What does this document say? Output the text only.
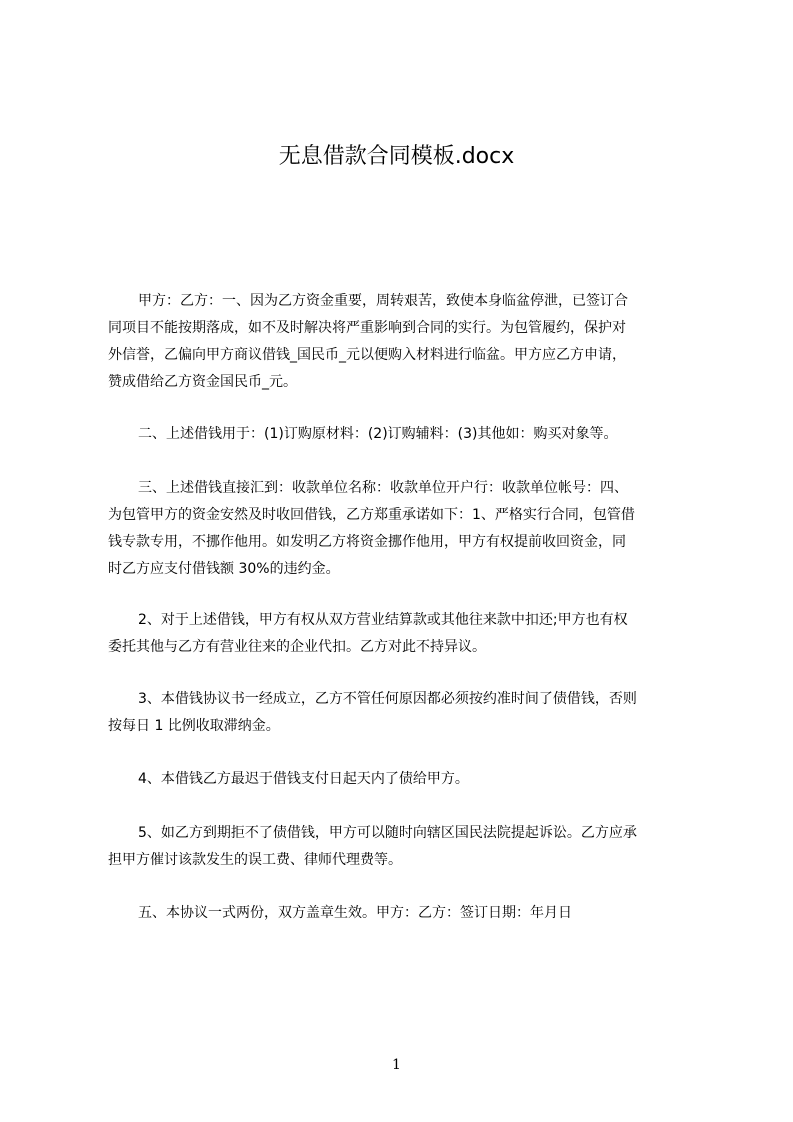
无息借款合同模板.docx
甲方：乙方：一、因为乙方资金重要，周转艰苦，致使本身临盆停泄，已签订合
同项目不能按期落成，如不及时解决将严重影响到合同的实行。为包管履约，保护对
外信誉，乙偏向甲方商议借钱_国民币_元以便购入材料进行临盆。甲方应乙方申请，
赞成借给乙方资金国民币_元。
二、上述借钱用于：(1)订购原材料：(2)订购辅料：(3)其他如：购买对象等。
三、上述借钱直接汇到：收款单位名称：收款单位开户行：收款单位帐号：四、
为包管甲方的资金安然及时收回借钱，乙方郑重承诺如下：1、严格实行合同，包管借
钱专款专用，不挪作他用。如发明乙方将资金挪作他用，甲方有权提前收回资金，同
时乙方应支付借钱额 30%的违约金。
2、对于上述借钱，甲方有权从双方营业结算款或其他往来款中扣还;甲方也有权
委托其他与乙方有营业往来的企业代扣。乙方对此不持异议。
3、本借钱协议书一经成立，乙方不管任何原因都必须按约准时间了债借钱，否则
按每日 1 比例收取滞纳金。
4、本借钱乙方最迟于借钱支付日起天内了债给甲方。
5、如乙方到期拒不了债借钱，甲方可以随时向辖区国民法院提起诉讼。乙方应承
担甲方催讨该款发生的误工费、律师代理费等。
五、本协议一式两份，双方盖章生效。甲方：乙方：签订日期：年月日
1
